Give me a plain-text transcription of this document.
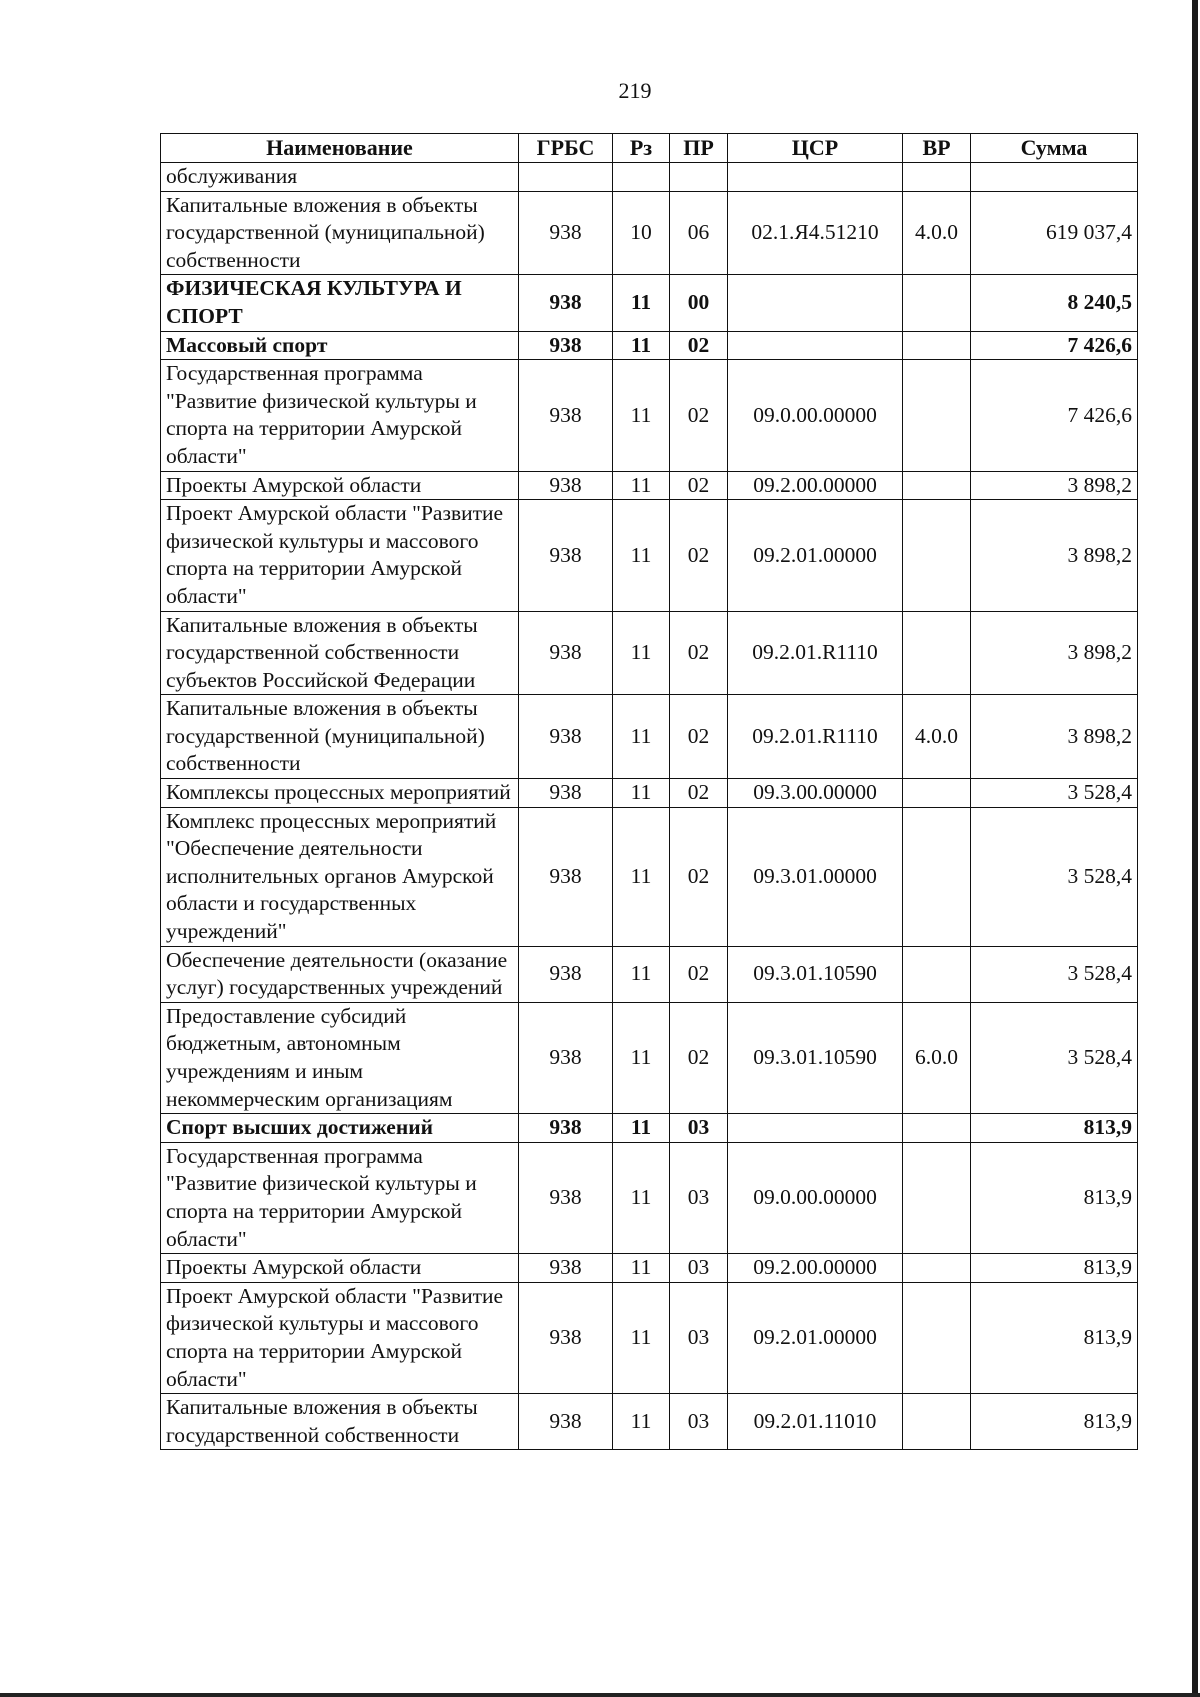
219
Наименование	ГРБС	Рз	ПР	ЦСР	ВР	Сумма
обслуживания						
Капитальные вложения в объекты государственной (муниципальной) собственности	938	10	06	02.1.Я4.51210	4.0.0	619 037,4
ФИЗИЧЕСКАЯ КУЛЬТУРА И СПОРТ	938	11	00			8 240,5
Массовый спорт	938	11	02			7 426,6
Государственная программа "Развитие физической культуры и спорта на территории Амурской области"	938	11	02	09.0.00.00000		7 426,6
Проекты Амурской области	938	11	02	09.2.00.00000		3 898,2
Проект Амурской области "Развитие физической культуры и массового спорта на территории Амурской области"	938	11	02	09.2.01.00000		3 898,2
Капитальные вложения в объекты государственной собственности субъектов Российской Федерации	938	11	02	09.2.01.R1110		3 898,2
Капитальные вложения в объекты государственной (муниципальной) собственности	938	11	02	09.2.01.R1110	4.0.0	3 898,2
Комплексы процессных мероприятий	938	11	02	09.3.00.00000		3 528,4
Комплекс процессных мероприятий "Обеспечение деятельности исполнительных органов Амурской области и государственных учреждений"	938	11	02	09.3.01.00000		3 528,4
Обеспечение деятельности (оказание услуг) государственных учреждений	938	11	02	09.3.01.10590		3 528,4
Предоставление субсидий бюджетным, автономным учреждениям и иным некоммерческим организациям	938	11	02	09.3.01.10590	6.0.0	3 528,4
Спорт высших достижений	938	11	03			813,9
Государственная программа "Развитие физической культуры и спорта на территории Амурской области"	938	11	03	09.0.00.00000		813,9
Проекты Амурской области	938	11	03	09.2.00.00000		813,9
Проект Амурской области "Развитие физической культуры и массового спорта на территории Амурской области"	938	11	03	09.2.01.00000		813,9
Капитальные вложения в объекты государственной собственности	938	11	03	09.2.01.11010		813,9
